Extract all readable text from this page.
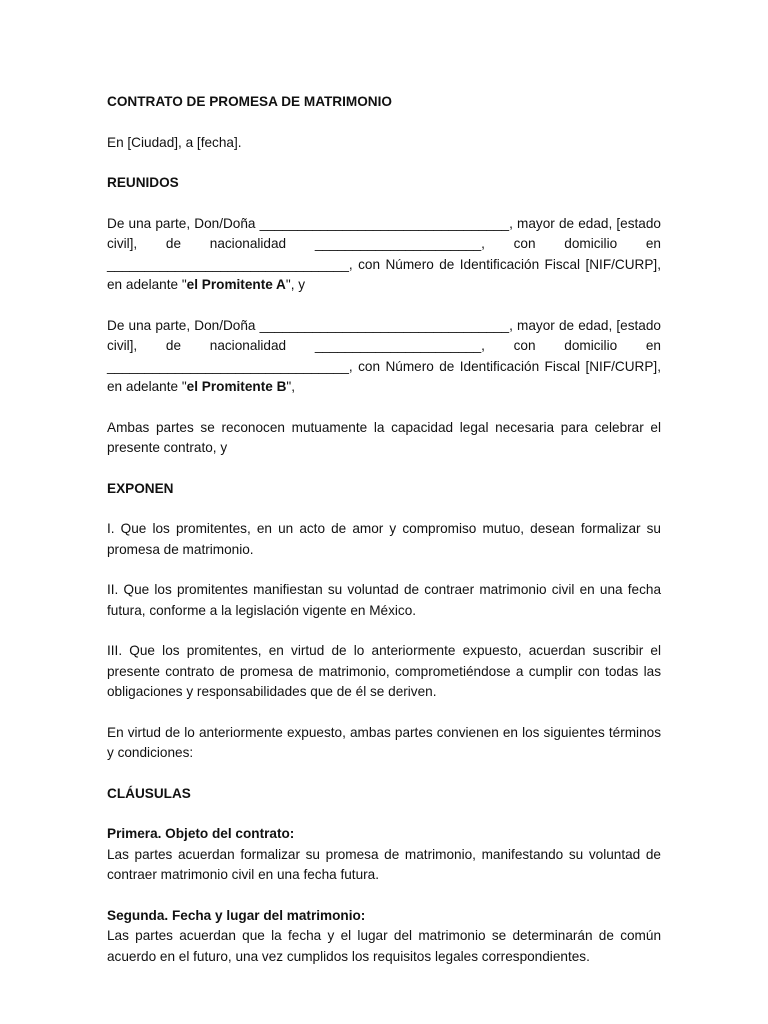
CONTRATO DE PROMESA DE MATRIMONIO
En [Ciudad], a [fecha].
REUNIDOS

De una parte, Don/Doña _________________________________, mayor de edad, [estado civil], de nacionalidad ______________________, con domicilio en ________________________________, con Número de Identificación Fiscal [NIF/CURP], en adelante "el Promitente A", y

De una parte, Don/Doña _________________________________, mayor de edad, [estado civil], de nacionalidad ______________________, con domicilio en ________________________________, con Número de Identificación Fiscal [NIF/CURP], en adelante "el Promitente B",

Ambas partes se reconocen mutuamente la capacidad legal necesaria para celebrar el presente contrato, y

EXPONEN

I. Que los promitentes, en un acto de amor y compromiso mutuo, desean formalizar su promesa de matrimonio.

II. Que los promitentes manifiestan su voluntad de contraer matrimonio civil en una fecha futura, conforme a la legislación vigente en México.

III. Que los promitentes, en virtud de lo anteriormente expuesto, acuerdan suscribir el presente contrato de promesa de matrimonio, comprometiéndose a cumplir con todas las obligaciones y responsabilidades que de él se deriven.

En virtud de lo anteriormente expuesto, ambas partes convienen en los siguientes términos y condiciones:

CLÁUSULAS
Primera. Objeto del contrato:
Las partes acuerdan formalizar su promesa de matrimonio, manifestando su voluntad de contraer matrimonio civil en una fecha futura.
Segunda. Fecha y lugar del matrimonio:
Las partes acuerdan que la fecha y el lugar del matrimonio se determinarán de común acuerdo en el futuro, una vez cumplidos los requisitos legales correspondientes.
